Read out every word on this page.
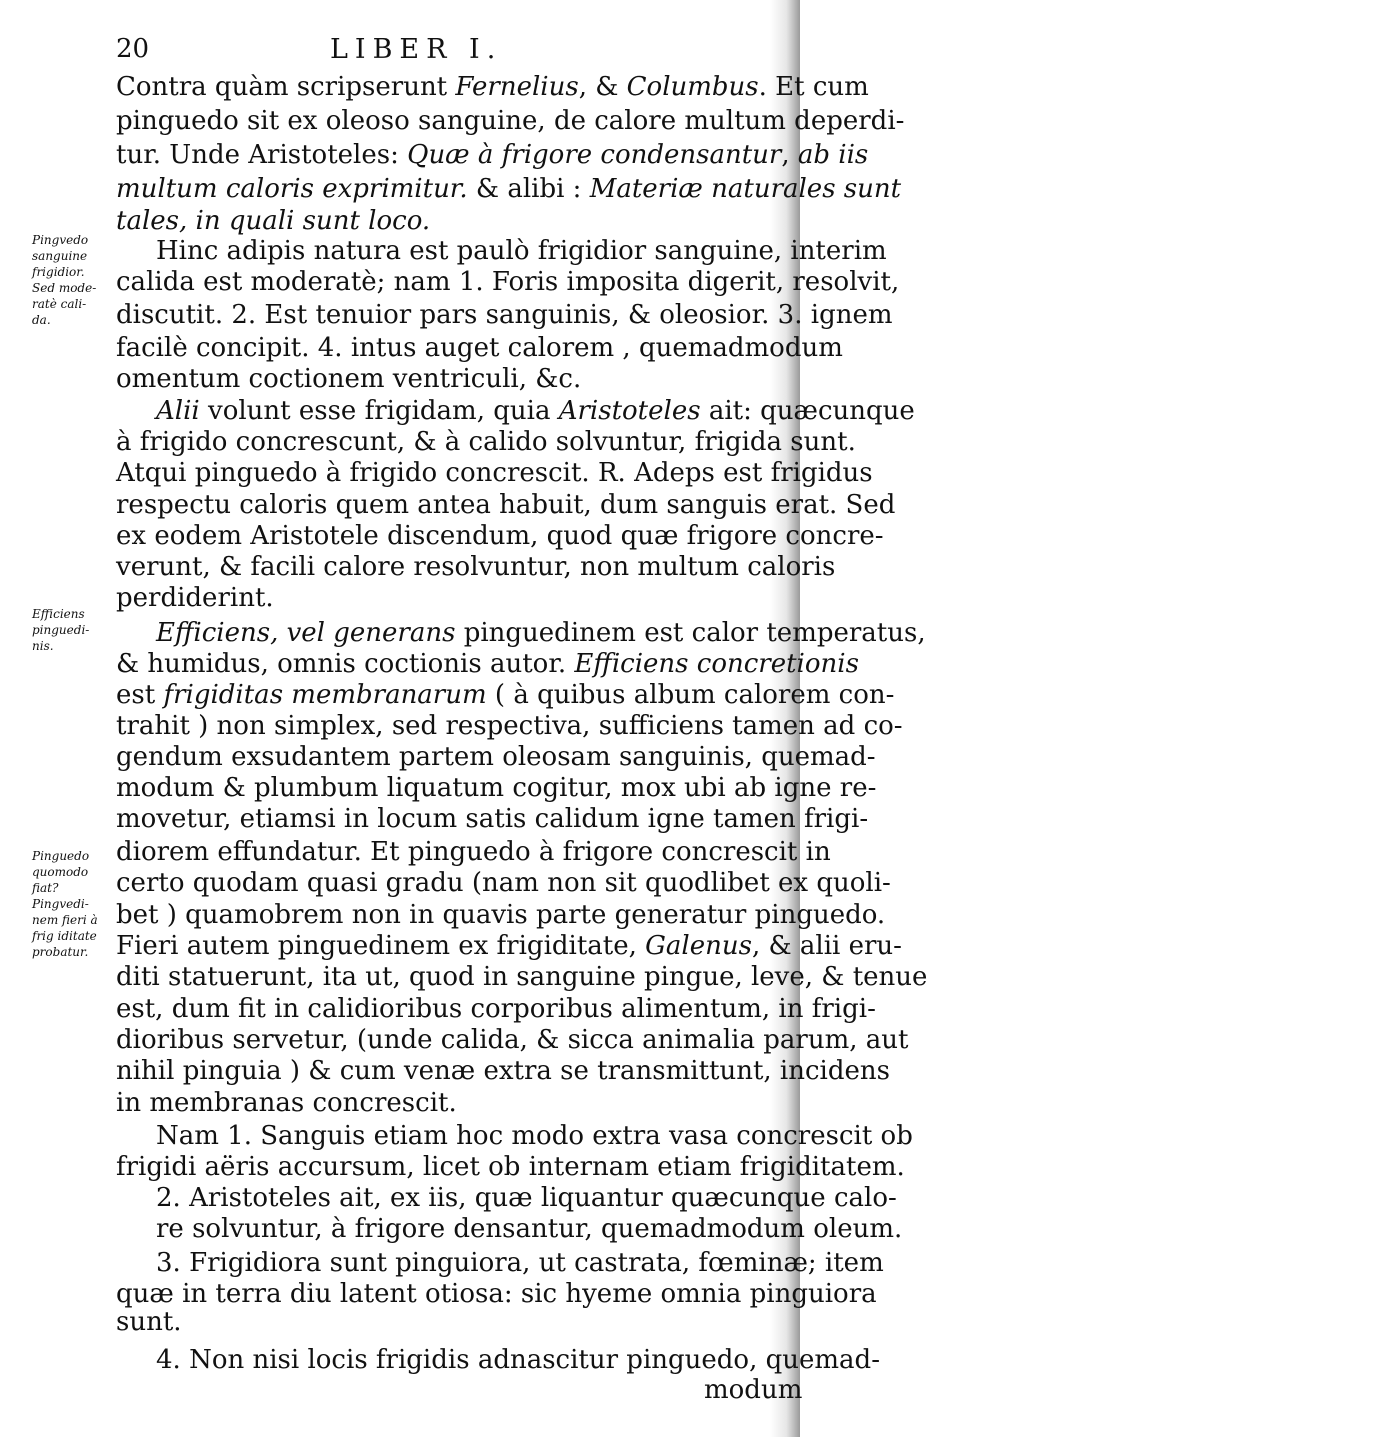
20	LIBER I.
Pingvedo
sanguine
frigidior.
Sed mode-
ratè cali-
da.
Efficiens
pinguedi-
nis.
Pinguedo
quomodo
fiat?
Pingvedi-
nem fieri à
frig iditate
probatur.

Contra quàm scripserunt Fernelius, & Columbus. Et cum

pinguedo sit ex oleoso sanguine, de calore multum deperdi-

tur. Unde Aristoteles: Quæ à frigore condensantur, ab iis

multum caloris exprimitur. & alibi : Materiæ naturales sunt

tales, in quali sunt loco.

Hinc adipis natura est paulò frigidior sanguine, interim

calida est moderatè; nam 1. Foris imposita digerit, resolvit,

discutit. 2. Est tenuior pars sanguinis, & oleosior. 3. ignem

facilè concipit. 4. intus auget calorem , quemadmodum

omentum coctionem ventriculi, &c.

Alii volunt esse frigidam, quia Aristoteles ait: quæcunque

à frigido concrescunt, & à calido solvuntur, frigida sunt.

Atqui pinguedo à frigido concrescit. R. Adeps est frigidus

respectu caloris quem antea habuit, dum sanguis erat. Sed

ex eodem Aristotele discendum, quod quæ frigore concre-

verunt, & facili calore resolvuntur, non multum caloris

perdiderint.

Efficiens, vel generans pinguedinem est calor temperatus,

& humidus, omnis coctionis autor. Efficiens concretionis

est frigiditas membranarum ( à quibus album calorem con-

trahit ) non simplex, sed respectiva, sufficiens tamen ad co-

gendum exsudantem partem oleosam sanguinis, quemad-

modum & plumbum liquatum cogitur, mox ubi ab igne re-

movetur, etiamsi in locum satis calidum igne tamen frigi-

diorem effundatur. Et pinguedo à frigore concrescit in

certo quodam quasi gradu (nam non sit quodlibet ex quoli-

bet ) quamobrem non in quavis parte generatur pinguedo.

Fieri autem pinguedinem ex frigiditate, Galenus, & alii eru-

diti statuerunt, ita ut, quod in sanguine pingue, leve, & tenue

est, dum fit in calidioribus corporibus alimentum, in frigi-

dioribus servetur, (unde calida, & sicca animalia parum, aut

nihil pinguia ) & cum venæ extra se transmittunt, incidens

in membranas concrescit.

Nam 1. Sanguis etiam hoc modo extra vasa concrescit ob

frigidi aëris accursum, licet ob internam etiam frigiditatem.

2. Aristoteles ait, ex iis, quæ liquantur quæcunque calo-

re solvuntur, à frigore densantur, quemadmodum oleum.

3. Frigidiora sunt pinguiora, ut castrata, fœminæ; item

quæ in terra diu latent otiosa: sic hyeme omnia pinguiora

sunt.

4. Non nisi locis frigidis adnascitur pinguedo, quemad-

modum
